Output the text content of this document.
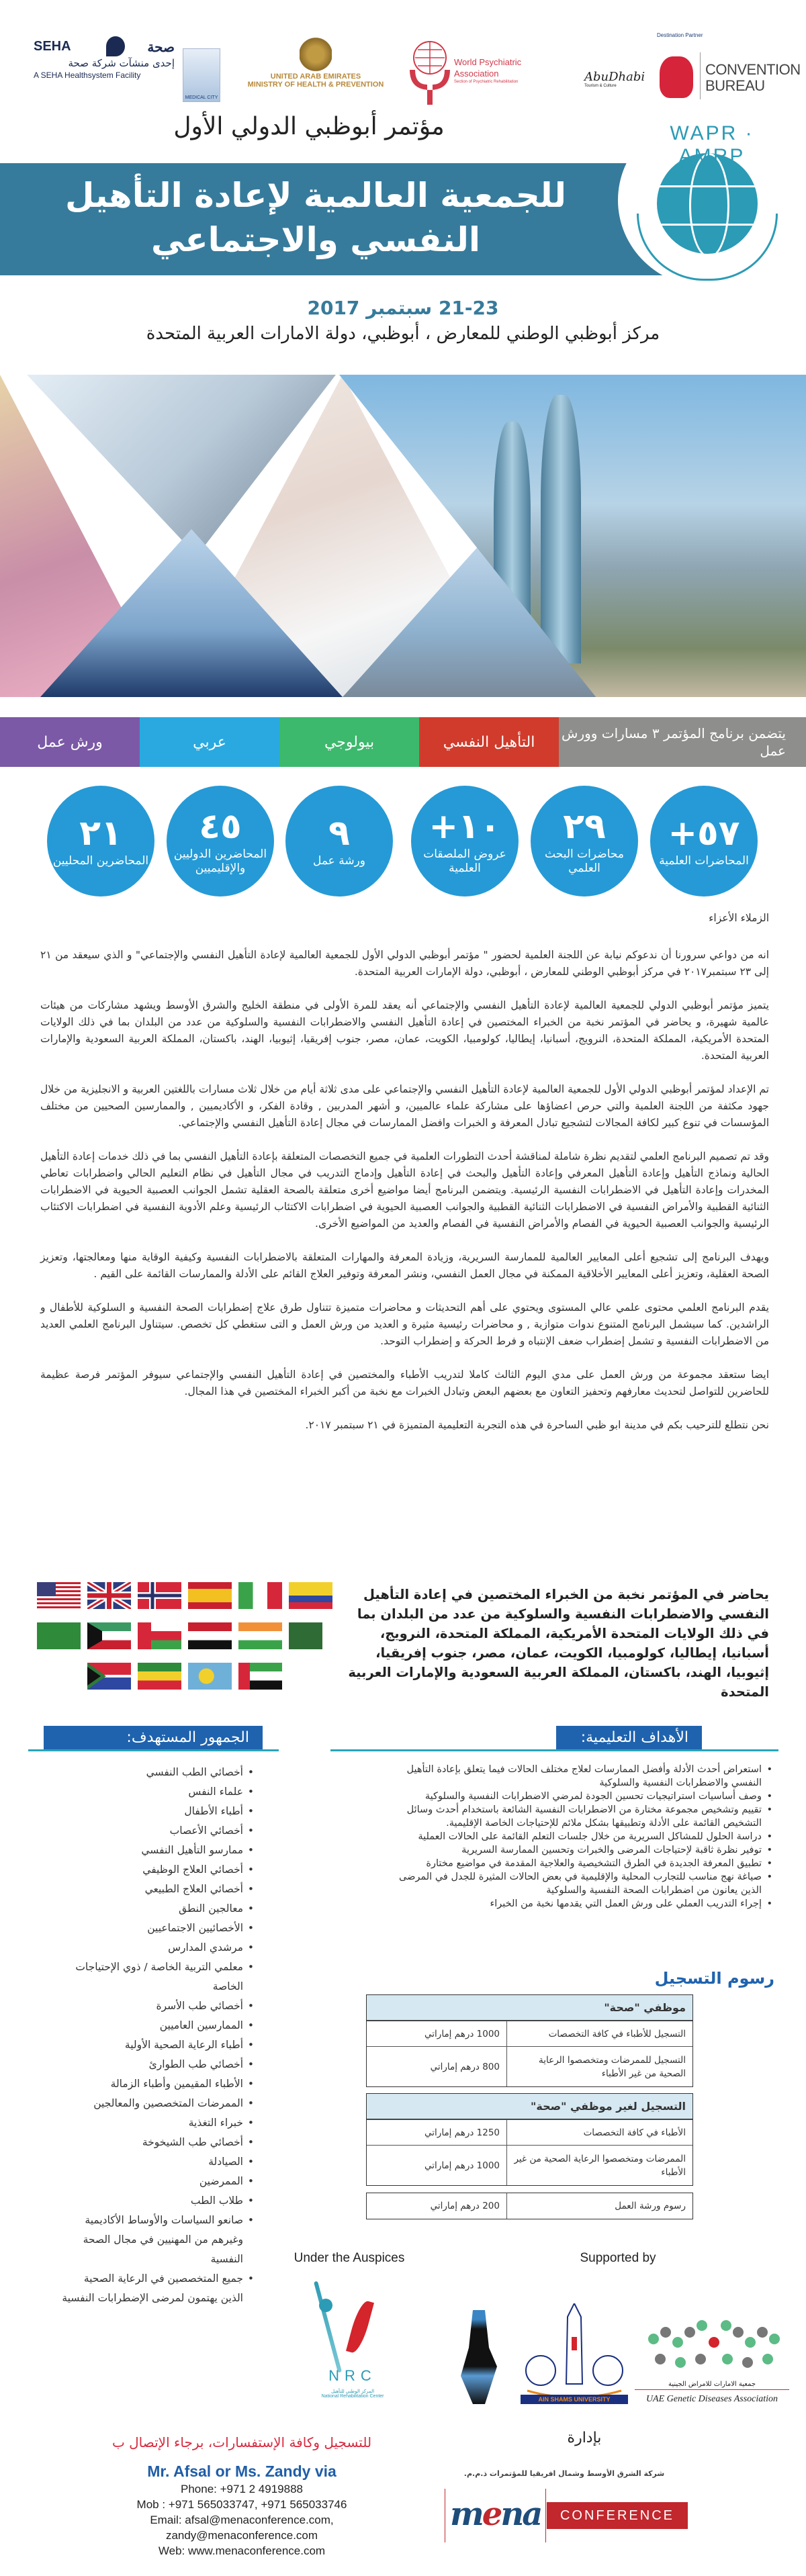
SEHA	صحة
إحدى منشآت شركة صحة
A SEHA Healthsystem Facility
MEDICAL CITY
UNITED ARAB EMIRATES
MINISTRY OF HEALTH & PREVENTION
World Psychiatric
Association
Section of Psychiatric Rehabilitation
Destination Partner
AbuDhabi
Tourism & Culture
CONVENTION
BUREAU
مؤتمر أبوظبي الدولي الأول
للجمعية العالمية لإعادة التأهيل النفسي والاجتماعي
WAPR · AMRP
21-23 سبتمبر 2017
مركز أبوظبي الوطني للمعارض ، أبوظبي، دولة الامارات العربية المتحدة
ورش عمل	عربي	بيولوجي	التأهيل النفسي
يتضمن برنامج المؤتمر ٣ مسارات وورش عمل
٥٧+
المحاضرات العلمية
٢٩
محاضرات البحث العلمي
١٠+
عروض الملصقات العلمية
٩
ورشة عمل
٤٥
المحاضرين الدوليين والإقليميين
٢١
المحاضرين المحليين

الزملاء الأعزاء

انه من دواعي سرورنا أن ندعوكم نيابة عن اللجنة العلمية لحضور " مؤتمر أبوظبي الدولي الأول للجمعية العالمية لإعادة التأهيل النفسي والإجتماعي" و الذي سيعقد من ٢١ إلى ٢٣ سبتمبر٢٠١٧ في مركز أبوظبي الوطني للمعارض ، أبوظبي، دولة الإمارات العربية المتحدة.

يتميز مؤتمر أبوظبي الدولي للجمعية العالمية لإعادة التأهيل النفسي والإجتماعي أنه يعقد للمرة الأولى في منطقة الخليج والشرق الأوسط ويشهد مشاركات من هيئات عالمية شهيرة، و يحاضر في المؤتمر نخبة من الخبراء المختصين في إعادة التأهيل النفسي والاضطرابات النفسية والسلوكية من عدد من البلدان بما في ذلك الولايات المتحدة الأمريكية، المملكة المتحدة، النرويج، أسبانيا، إيطاليا، كولومبيا، الكويت، عمان، مصر، جنوب إفريقيا، إثيوبيا، الهند، باكستان، المملكة العربية السعودية والإمارات العربية المتحدة.

تم الإعداد لمؤتمر أبوظبي الدولي الأول للجمعية العالمية لإعادة التأهيل النفسي والإجتماعي على مدى ثلاثة أيام من خلال ثلاث مسارات باللغتين العربية و الانجليزية من خلال جهود مكثفة من اللجنة العلمية والتي حرص اعضاؤها على مشاركة علماء عالميين، و أشهر المدربين , وقادة الفكر، و الأكاديميين , والممارسين الصحيين من مختلف المؤسسات في تنوع كبير لكافة المجالات لتشجيع تبادل المعرفة و الخبرات وافضل الممارسات في مجال إعادة التأهيل النفسي والإجتماعي.

وقد تم تصميم البرنامج العلمي لتقديم نظرة شاملة لمناقشة أحدث التطورات العلمية في جميع التخصصات المتعلقة بإعادة التأهيل النفسي بما في ذلك خدمات إعادة التأهيل الحالية ونماذج التأهيل وإعادة التأهيل المعرفي وإعادة التأهيل والبحث في إعادة التأهيل وإدماج التدريب في مجال التأهيل في نظام التعليم الحالي واضطرابات تعاطي المخدرات وإعادة التأهيل في الاضطرابات النفسية الرئيسية. ويتضمن البرنامج أيضا مواضيع أخرى متعلقة بالصحة العقلية تشمل الجوانب العصبية الحيوية في الاضطرابات الثنائية القطبية والأمراض النفسية في الاضطرابات الثنائية القطبية والجوانب العصبية الحيوية في اضطرابات الاكتئاب الرئيسية وعلم الأدوية النفسية في اضطرابات الاكتئاب الرئيسية والجوانب العصبية الحيوية في الفصام والأمراض النفسية في الفصام والعديد من المواضيع الأخرى.

ويهدف البرنامج إلى تشجيع أعلى المعايير العالمية للممارسة السريرية، وزيادة المعرفة والمهارات المتعلقة بالاضطرابات النفسية وكيفية الوقاية منها ومعالجتها، وتعزيز الصحة العقلية، وتعزيز أعلى المعايير الأخلاقية الممكنة في مجال العمل النفسي، ونشر المعرفة وتوفير العلاج القائم على الأدلة والممارسات القائمة على القيم .

يقدم البرنامج العلمي محتوى علمي عالي المستوى ويحتوي على أهم التحديثات و محاضرات متميزة تتناول طرق علاج إضطرابات الصحة النفسية و السلوكية للأطفال و الراشدين. كما سيشمل البرنامج المتنوع ندوات متوازية , و محاضرات رئيسية مثيرة و العديد من ورش العمل و التى ستغطي كل تخصص. سيتناول البرنامج العلمي العديد من الاضطرابات النفسية و تشمل إضطراب ضعف الإنتباه و فرط الحركة و إضطراب التوحد.

ايضا ستعقد مجموعة من ورش العمل على مدي اليوم الثالث كاملا لتدريب الأطباء والمختصين في إعادة التأهيل النفسي والإجتماعي سيوفر المؤتمر فرصة عظيمة للحاضرين للتواصل لتحديث معارفهم وتحفيز التعاون مع بعضهم البعض وتبادل الخبرات مع نخبة من أكبر الخبراء المختصين في هذا المجال.

نحن نتطلع للترحيب بكم في مدينة ابو ظبي الساحرة في هذه التجربة التعليمية المتميزة في ٢١ سبتمبر ٢٠١٧.

يحاضر في المؤتمر نخبة من الخبراء المختصين في إعادة التأهيل النفسي والاضطرابات النفسية والسلوكية من عدد من البلدان بما في ذلك الولايات المتحدة الأمريكية، المملكة المتحدة، النرويج، أسبانيا، إيطاليا، كولومبيا، الكويت، عمان، مصر، جنوب إفريقيا، إثيوبيا، الهند، باكستان، المملكة العربية السعودية والإمارات العربية المتحدة
الأهداف التعليمية:
• استعراض أحدث الأدلة وأفضل الممارسات لعلاج مختلف الحالات فيما يتعلق بإعادة التأهيل النفسي والاضطرابات النفسية والسلوكية
• وصف أساسيات استراتيجيات تحسين الجودة لمرضي الاضطرابات النفسية والسلوكية
• تقييم وتشخيص مجموعة مختارة من الاضطرابات النفسية الشائعة باستخدام أحدث وسائل التشخيص القائمة على الأدلة وتطبيقها بشكل ملائم للإحتياجات الخاصة الإقليمية.
• دراسة الحلول للمشاكل السريرية من خلال جلسات التعلم القائمة على الحالات العملية
• توفير نظرة ثاقبة لإحتياجات المرضى والخبرات وتحسين الممارسة السريرية
• تطبيق المعرفة الجديدة في الطرق التشخيصية والعلاجية المقدمة في مواضيع مختارة
• صياغة نهج مناسب للتجارب المحلية والإقليمية في بعض الحالات المثيرة للجدل في المرضى الذين يعانون من اضطرابات الصحة النفسية والسلوكية
• إجراء التدريب العملي على ورش العمل التي يقدمها نخبة من الخبراء
الجمهور المستهدف:
• أخصائي الطب النفسي
• علماء النفس
• أطباء الأطفال
• أخصائي الأعصاب
• ممارسو التأهيل النفسي
• أخصائي العلاج الوظيفي
• أخصائي العلاج الطبيعي
• معالجين النطق
• الأخصائيين الاجتماعيين
• مرشدي المدارس
• معلمي التربية الخاصة / ذوي الإحتياجات الخاصة
• أخصائي طب الأسرة
• الممارسين العاميين
• أطباء الرعاية الصحية الأولية
• أخصائي طب الطوارئ
• الأطباء المقيمين وأطباء الزمالة
• الممرضات المتخصصين والمعالجين
• خبراء التغذية
• أخصائي طب الشيخوخة
• الصيادلة
• الممرضين
• طلاب الطب
• صانعو السياسات والأوساط الأكاديمية وغيرهم من المهنيين في مجال الصحة النفسية
• جميع المتخصصين في الرعاية الصحية الذين يهتمون لمرضى الإضطرابات النفسية
رسوم التسجيل
موظفي "صحة"
التسجيل للأطباء في كافة التخصصات
1000 درهم إماراتي
التسجيل للممرضات ومتخصصوا الرعاية الصحية من غير الأطباء
800 درهم إماراتي
التسجيل لغير موظفي "صحة"
الأطباء في كافة التخصصات
1250 درهم إماراتي
الممرضات ومتخصصوا الرعاية الصحية من غير الأطباء
1000 درهم إماراتي
رسوم ورشة العمل
200 درهم إماراتي
Under the Auspices
NRC
المركز الوطني للتأهيل
National Rehabilitation Center
Supported by
AIN SHAMS UNIVERSITY
جمعية الامارات للامراض الجينية
UAE Genetic Diseases Association
للتسجيل وكافة الإستفسارات، برجاء الإتصال ب
Mr. Afsal or Ms. Zandy via
Phone: +971 2 4919888
Mob : +971 565033747, +971 565033746
Email: afsal@menaconference.com,
zandy@menaconference.com
Web: www.menaconference.com
بإدارة
شركة الشرق الأوسط وشمال افريقيا للمؤتمرات ذ.م.م.
mena	CONFERENCE
